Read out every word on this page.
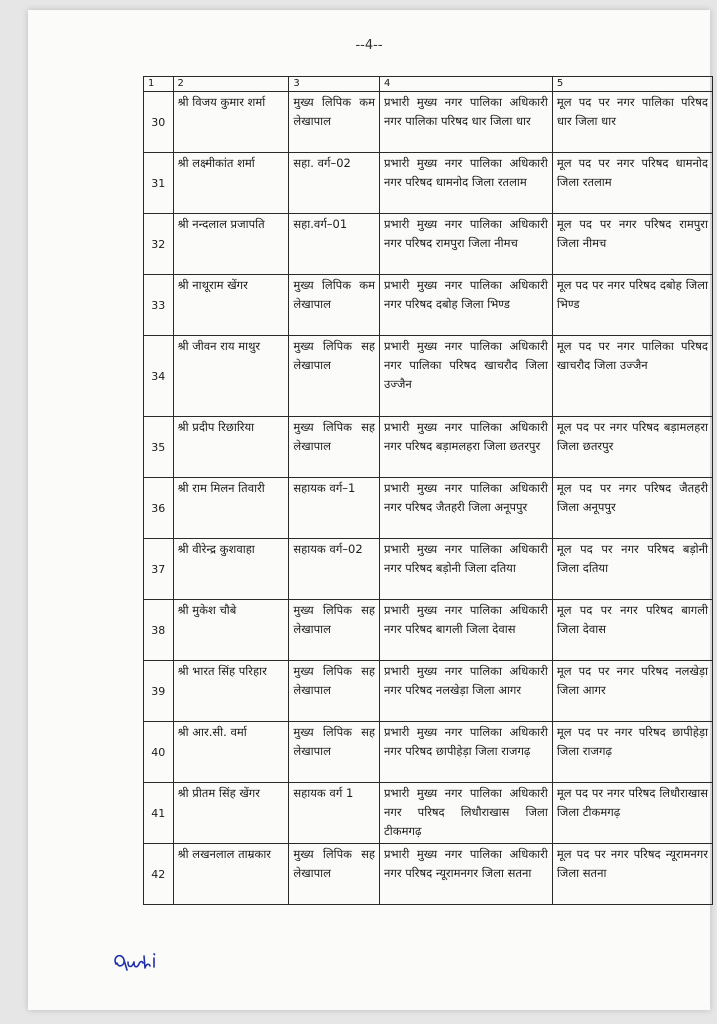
--4--
1	2	3	4	5
30	श्री विजय कुमार शर्मा	मुख्य लिपिक कम लेखापाल	प्रभारी मुख्य नगर पालिका अधिकारी नगर पालिका परिषद धार जिला धार	मूल पद पर नगर पालिका परिषद धार जिला धार
31	श्री लक्ष्मीकांत शर्मा	सहा. वर्ग–02	प्रभारी मुख्य नगर पालिका अधिकारी नगर परिषद धामनोद जिला रतलाम	मूल पद पर नगर परिषद धामनोद जिला रतलाम
32	श्री नन्दलाल प्रजापति	सहा.वर्ग–01	प्रभारी मुख्य नगर पालिका अधिकारी नगर परिषद रामपुरा जिला नीमच	मूल पद पर नगर परिषद रामपुरा जिला नीमच
33	श्री नाथूराम खेंगर	मुख्य लिपिक कम लेखापाल	प्रभारी मुख्य नगर पालिका अधिकारी नगर परिषद दबोह जिला भिण्ड	मूल पद पर नगर परिषद दबोह जिला भिण्ड
34	श्री जीवन राय माथुर	मुख्य लिपिक सह लेखापाल	प्रभारी मुख्य नगर पालिका अधिकारी नगर पालिका परिषद खाचरौद जिला उज्जैन	मूल पद पर नगर पालिका परिषद खाचरौद जिला उज्जैन
35	श्री प्रदीप रिछारिया	मुख्य लिपिक सह लेखापाल	प्रभारी मुख्य नगर पालिका अधिकारी नगर परिषद बड़ामलहरा जिला छतरपुर	मूल पद पर नगर परिषद बड़ामलहरा जिला छतरपुर
36	श्री राम मिलन तिवारी	सहायक वर्ग–1	प्रभारी मुख्य नगर पालिका अधिकारी नगर परिषद जैतहरी जिला अनूपपुर	मूल पद पर नगर परिषद जैतहरी जिला अनूपपुर
37	श्री वीरेन्द्र कुशवाहा	सहायक वर्ग–02	प्रभारी मुख्य नगर पालिका अधिकारी नगर परिषद बड़ोनी जिला दतिया	मूल पद पर नगर परिषद बड़ोनी जिला दतिया
38	श्री मुकेश चौबे	मुख्य लिपिक सह लेखापाल	प्रभारी मुख्य नगर पालिका अधिकारी नगर परिषद बागली जिला देवास	मूल पद पर नगर परिषद बागली जिला देवास
39	श्री भारत सिंह परिहार	मुख्य लिपिक सह लेखापाल	प्रभारी मुख्य नगर पालिका अधिकारी नगर परिषद नलखेड़ा जिला आगर	मूल पद पर नगर परिषद नलखेड़ा जिला आगर
40	श्री आर.सी. वर्मा	मुख्य लिपिक सह लेखापाल	प्रभारी मुख्य नगर पालिका अधिकारी नगर परिषद छापीहेड़ा जिला राजगढ़	मूल पद पर नगर परिषद छापीहेड़ा जिला राजगढ़
41	श्री प्रीतम सिंह खेंगर	सहायक वर्ग 1	प्रभारी मुख्य नगर पालिका अधिकारी नगर परिषद लिधौराखास जिला टीकमगढ़	मूल पद पर नगर परिषद लिधौराखास जिला टीकमगढ़
42	श्री लखनलाल ताम्रकार	मुख्य लिपिक सह लेखापाल	प्रभारी मुख्य नगर पालिका अधिकारी नगर परिषद न्यूरामनगर जिला सतना	मूल पद पर नगर परिषद न्यूरामनगर जिला सतना
